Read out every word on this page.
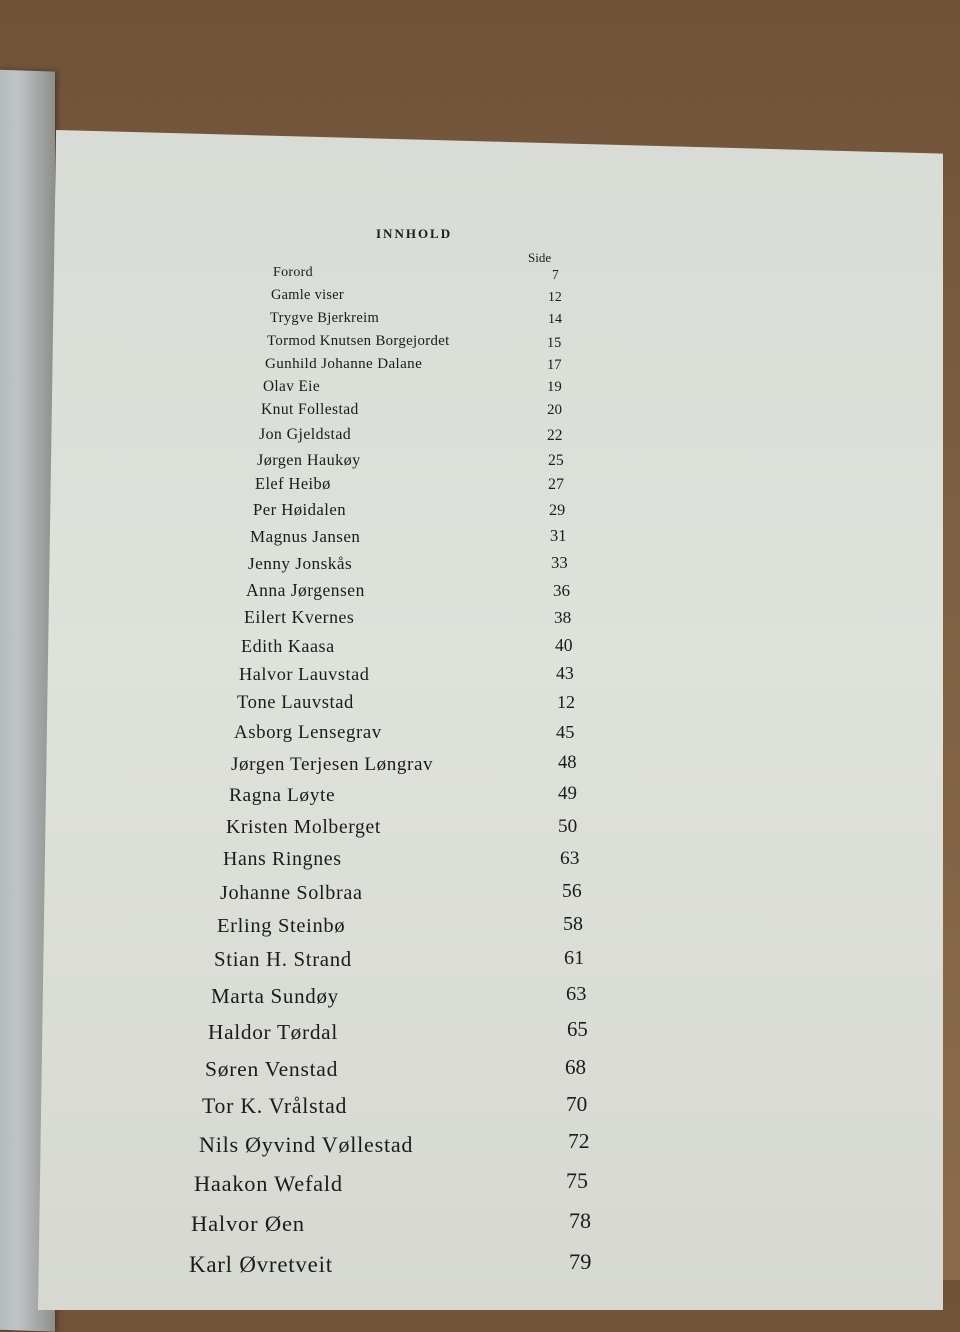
INNHOLD
Side
Forord	7
Gamle viser	12
Trygve Bjerkreim	14
Tormod Knutsen Borgejordet	15
Gunhild Johanne Dalane	17
Olav Eie	19
Knut Follestad	20
Jon Gjeldstad	22
Jørgen Haukøy	25
Elef Heibø	27
Per Høidalen	29
Magnus Jansen	31
Jenny Jonskås	33
Anna Jørgensen	36
Eilert Kvernes	38
Edith Kaasa	40
Halvor Lauvstad	43
Tone Lauvstad	12
Asborg Lensegrav	45
Jørgen Terjesen Løngrav	48
Ragna Løyte	49
Kristen Molberget	50
Hans Ringnes	63
Johanne Solbraa	56
Erling Steinbø	58
Stian H. Strand	61
Marta Sundøy	63
Haldor Tørdal	65
Søren Venstad	68
Tor K. Vrålstad	70
Nils Øyvind Vøllestad	72
Haakon Wefald	75
Halvor Øen	78
Karl Øvretveit	79
